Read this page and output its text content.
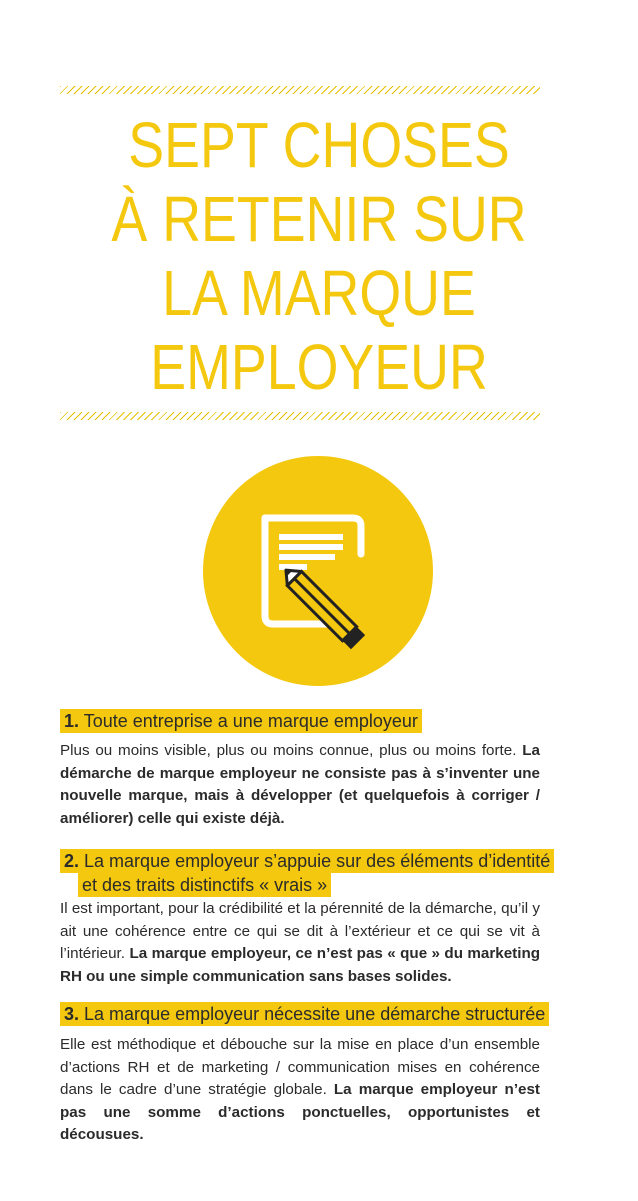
SEPT CHOSES
À RETENIR SUR
LA MARQUE
EMPLOYEUR
1. Toute entreprise a une marque employeur
Plus ou moins visible, plus ou moins connue, plus ou moins forte. La démarche de marque employeur ne consiste pas à s’inventer une nouvelle marque, mais à développer (et quelquefois à corriger / améliorer) celle qui existe déjà.
2. La marque employeur s’appuie sur des éléments d’identité
et des traits distinctifs « vrais »
Il est important, pour la crédibilité et la pérennité de la démarche, qu’il y ait une cohérence entre ce qui se dit à l’extérieur et ce qui se vit à l’intérieur. La marque employeur, ce n’est pas « que » du marketing RH ou une simple communication sans bases solides.
3. La marque employeur nécessite une démarche structurée
Elle est méthodique et débouche sur la mise en place d’un ensemble d’actions RH et de marketing / communication mises en cohérence dans le cadre d’une stratégie globale. La marque employeur n’est pas une somme d’actions ponctuelles, opportunistes et décousues.
